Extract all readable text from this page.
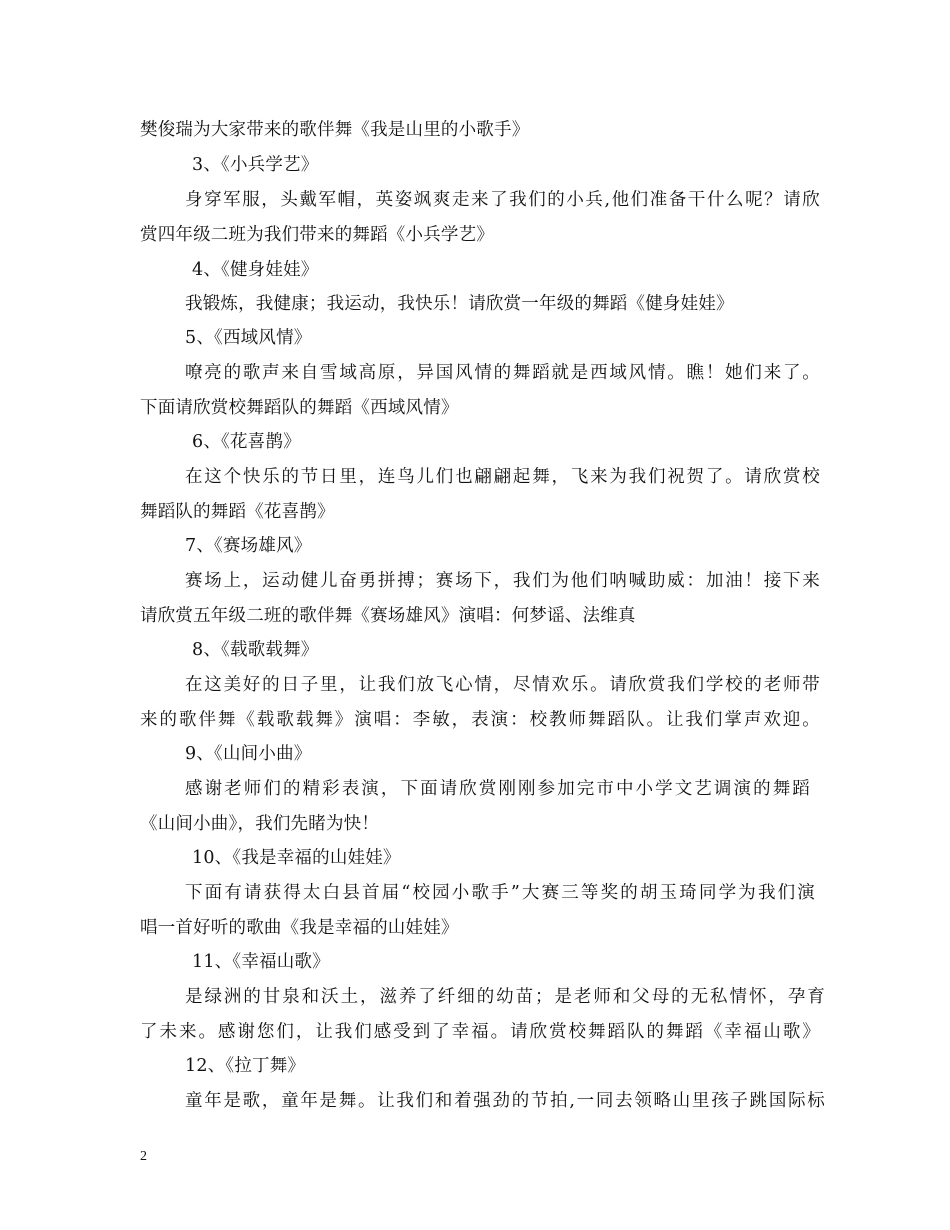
樊俊瑞为大家带来的歌伴舞《我是山里的小歌手》
3、《小兵学艺》
身穿军服，头戴军帽，英姿飒爽走来了我们的小兵,他们准备干什么呢？请欣
赏四年级二班为我们带来的舞蹈《小兵学艺》
4、《健身娃娃》
我锻炼，我健康；我运动，我快乐！请欣赏一年级的舞蹈《健身娃娃》
5、《西域风情》
嘹亮的歌声来自雪域高原，异国风情的舞蹈就是西域风情。瞧！她们来了。
下面请欣赏校舞蹈队的舞蹈《西域风情》
6、《花喜鹊》
在这个快乐的节日里，连鸟儿们也翩翩起舞，飞来为我们祝贺了。请欣赏校
舞蹈队的舞蹈《花喜鹊》
7、《赛场雄风》
赛场上，运动健儿奋勇拼搏；赛场下，我们为他们呐喊助威：加油！接下来
请欣赏五年级二班的歌伴舞《赛场雄风》演唱：何梦谣、法维真
8、《载歌载舞》
在这美好的日子里，让我们放飞心情，尽情欢乐。请欣赏我们学校的老师带
来的歌伴舞《载歌载舞》演唱：李敏，表演：校教师舞蹈队。让我们掌声欢迎。
9、《山间小曲》
感谢老师们的精彩表演，下面请欣赏刚刚参加完市中小学文艺调演的舞蹈
《山间小曲》，我们先睹为快！
10、《我是幸福的山娃娃》
下面有请获得太白县首届“校园小歌手”大赛三等奖的胡玉琦同学为我们演
唱一首好听的歌曲《我是幸福的山娃娃》
11、《幸福山歌》
是绿洲的甘泉和沃土，滋养了纤细的幼苗；是老师和父母的无私情怀，孕育
了未来。感谢您们，让我们感受到了幸福。请欣赏校舞蹈队的舞蹈《幸福山歌》
12、《拉丁舞》
童年是歌，童年是舞。让我们和着强劲的节拍,一同去领略山里孩子跳国际标
2
